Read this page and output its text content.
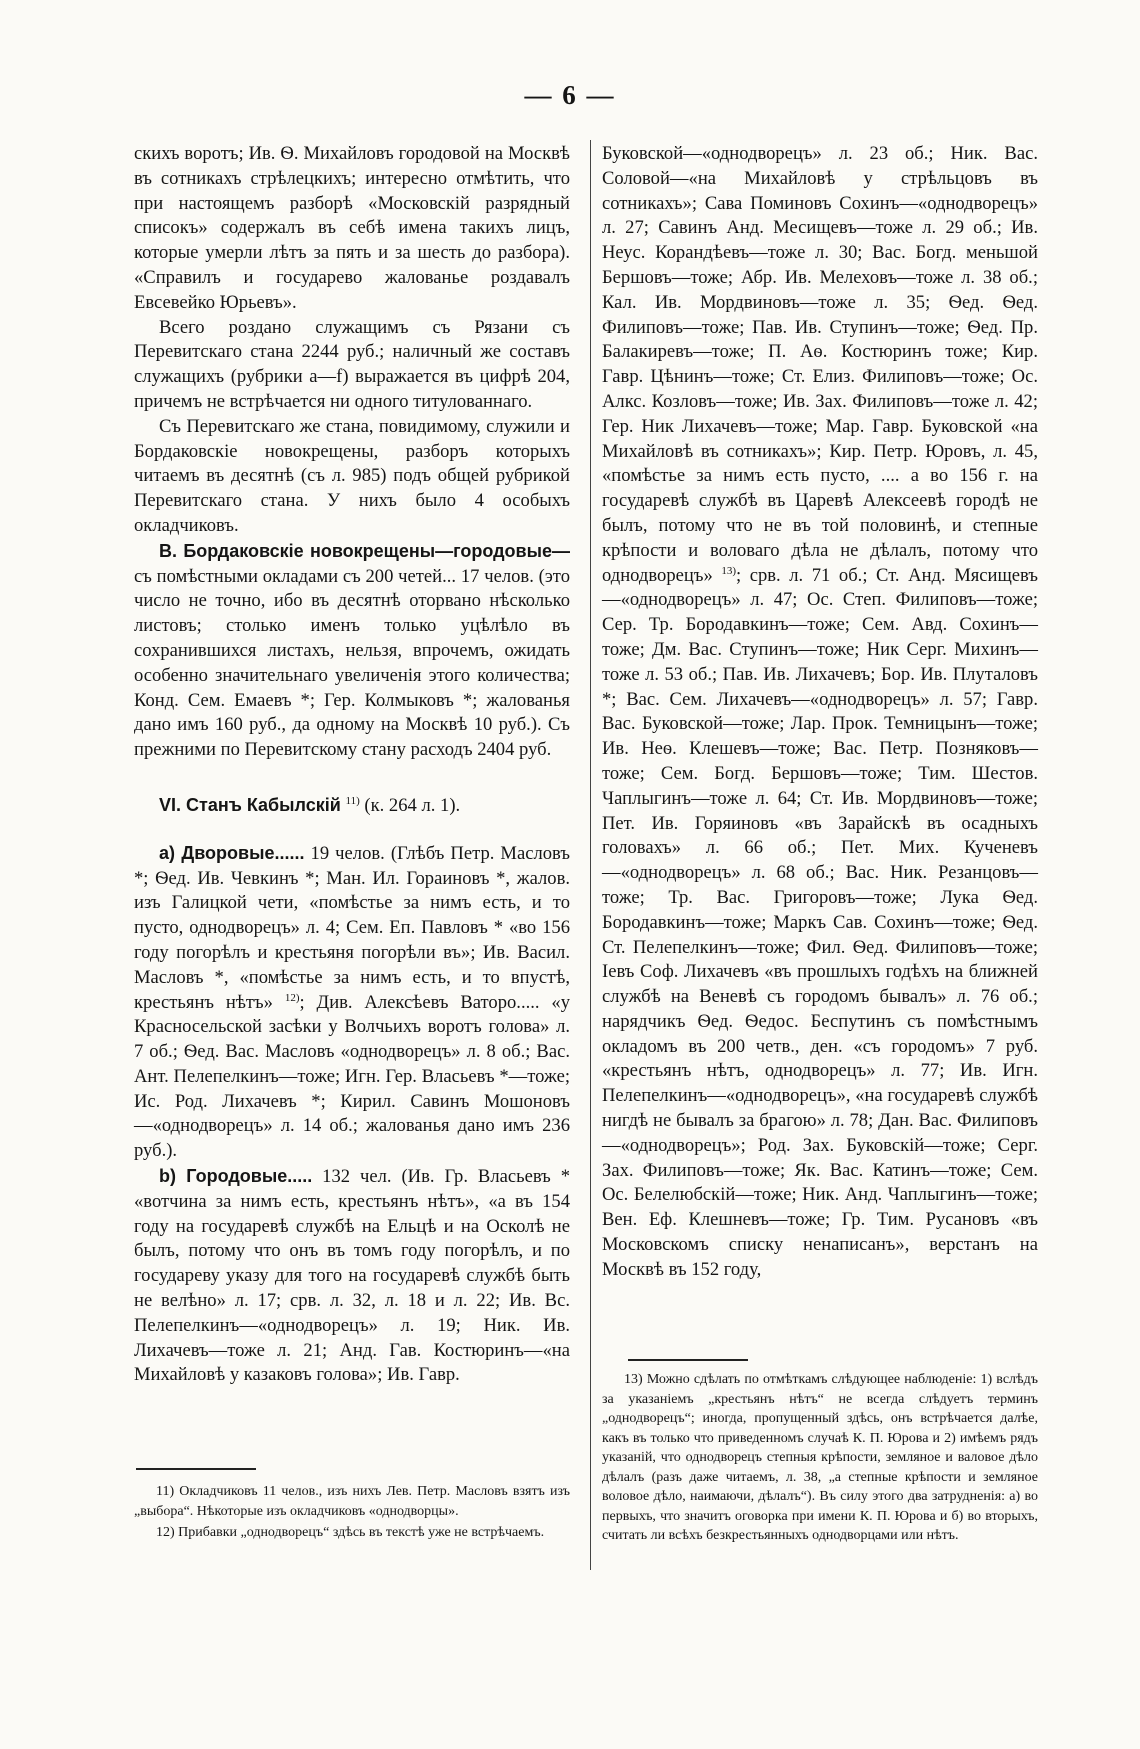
— 6 —

скихъ воротъ; Ив. Ѳ. Михайловъ городовой на Москвѣ въ сотникахъ стрѣлецкихъ; интересно отмѣтить, что при настоящемъ разборѣ «Московскій разрядный списокъ» содержалъ въ себѣ имена такихъ лицъ, которые умерли лѣтъ за пять и за шесть до разбора). «Справилъ и государево жалованье роздавалъ Евсевейко Юрьевъ».

Всего роздано служащимъ съ Рязани съ Перевитскаго стана 2244 руб.; наличный же составъ служащихъ (рубрики а—f) выражается въ цифрѣ 204, причемъ не встрѣчается ни одного титулованнаго.

Съ Перевитскаго же стана, повидимому, служили и Бордаковскіе новокрещены, разборъ которыхъ читаемъ въ десятнѣ (съ л. 985) подъ общей рубрикой Перевитскаго стана. У нихъ было 4 особыхъ окладчиковъ.

B. Бордаковскіе новокрещены—городовые— съ помѣстными окладами съ 200 четей... 17 челов. (это число не точно, ибо въ десятнѣ оторвано нѣсколько листовъ; столько именъ только уцѣлѣло въ сохранившихся листахъ, нельзя, впрочемъ, ожидать особенно значительнаго увеличенія этого количества; Конд. Сем. Емаевъ *; Гер. Колмыковъ *; жалованья дано имъ 160 руб., да одному на Москвѣ 10 руб.). Съ прежними по Перевитскому стану расходъ 2404 руб.

VI. Станъ Кабылскій $^{11)}$ (к. 264 л. 1).

а) Дворовые...... 19 челов. (Глѣбъ Петр. Масловъ *; Ѳед. Ив. Чевкинъ *; Ман. Ил. Гораиновъ *, жалов. изъ Галицкой чети, «помѣстье за нимъ есть, и то пусто, однодворецъ» л. 4; Сем. Еп. Павловъ * «во 156 году погорѣлъ и крестьяня погорѣли въ»; Ив. Васил. Масловъ *, «помѣстье за нимъ есть, и то впустѣ, крестьянъ нѣтъ» $^{12)}$; Див. Алексѣевъ Ваторо..... «у Красносельской засѣки у Волчьихъ воротъ голова» л. 7 об.; Ѳед. Вас. Масловъ «однодворецъ» л. 8 об.; Вас. Ант. Пелепелкинъ—тоже; Игн. Гер. Власьевъ *—тоже; Ис. Род. Лихачевъ *; Кирил. Савинъ Мошоновъ—«однодворецъ» л. 14 об.; жалованья дано имъ 236 руб.).

b) Городовые..... 132 чел. (Ив. Гр. Власьевъ * «вотчина за нимъ есть, крестьянъ нѣтъ», «а въ 154 году на государевѣ службѣ на Ельцѣ и на Осколѣ не былъ, потому что онъ въ томъ году погорѣлъ, и по государеву указу для того на государевѣ службѣ быть не велѣно» л. 17; срв. л. 32, л. 18 и л. 22; Ив. Вс. Пелепелкинъ—«однодворецъ» л. 19; Ник. Ив. Лихачевъ—тоже л. 21; Анд. Гав. Костюринъ—«на Михайловѣ у казаковъ голова»; Ив. Гавр.

Буковской—«однодворецъ» л. 23 об.; Ник. Вас. Соловой—«на Михайловѣ у стрѣльцовъ въ сотникахъ»; Сава Поминовъ Сохинъ—«однодворецъ» л. 27; Савинъ Анд. Месищевъ—тоже л. 29 об.; Ив. Неус. Корандѣевъ—тоже л. 30; Вас. Богд. меньшой Бершовъ—тоже; Абр. Ив. Мелеховъ—тоже л. 38 об.; Кал. Ив. Мордвиновъ—тоже л. 35; Ѳед. Ѳед. Филиповъ—тоже; Пав. Ив. Ступинъ—тоже; Ѳед. Пр. Балакиревъ—тоже; П. Аѳ. Костюринъ тоже; Кир. Гавр. Цѣнинъ—тоже; Ст. Елиз. Филиповъ—тоже; Ос. Алкс. Козловъ—тоже; Ив. Зах. Филиповъ—тоже л. 42; Гер. Ник Лихачевъ—тоже; Мар. Гавр. Буковской «на Михайловѣ въ сотникахъ»; Кир. Петр. Юровъ, л. 45, «помѣстье за нимъ есть пусто, .... а во 156 г. на государевѣ службѣ въ Царевѣ Алексеевѣ городѣ не былъ, потому что не въ той половинѣ, и степные крѣпости и воловаго дѣла не дѣлалъ, потому что однодворецъ» $^{13)}$; срв. л. 71 об.; Ст. Анд. Мясищевъ—«однодворецъ» л. 47; Ос. Степ. Филиповъ—тоже; Сер. Тр. Бородавкинъ—тоже; Сем. Авд. Сохинъ—тоже; Дм. Вас. Ступинъ—тоже; Ник Серг. Михинъ—тоже л. 53 об.; Пав. Ив. Лихачевъ; Бор. Ив. Плуталовъ *; Вас. Сем. Лихачевъ—«однодворецъ» л. 57; Гавр. Вас. Буковской—тоже; Лар. Прок. Темницынъ—тоже; Ив. Неѳ. Клешевъ—тоже; Вас. Петр. Позняковъ—тоже; Сем. Богд. Бершовъ—тоже; Тим. Шестов. Чаплыгинъ—тоже л. 64; Ст. Ив. Мордвиновъ—тоже; Пет. Ив. Горяиновъ «въ Зарайскѣ въ осадныхъ головахъ» л. 66 об.; Пет. Мих. Кученевъ—«однодворецъ» л. 68 об.; Вас. Ник. Резанцовъ—тоже; Тр. Вас. Григоровъ—тоже; Лука Ѳед. Бородавкинъ—тоже; Маркъ Сав. Сохинъ—тоже; Ѳед. Ст. Пелепелкинъ—тоже; Фил. Ѳед. Филиповъ—тоже; Іевъ Соф. Лихачевъ «въ прошлыхъ годѣхъ на ближней службѣ на Веневѣ съ городомъ бывалъ» л. 76 об.; нарядчикъ Ѳед. Ѳедос. Беспутинъ съ помѣстнымъ окладомъ въ 200 четв., ден. «съ городомъ» 7 руб. «крестьянъ нѣтъ, однодворецъ» л. 77; Ив. Игн. Пелепелкинъ—«однодворецъ», «на государевѣ службѣ нигдѣ не бывалъ за брагою» л. 78; Дан. Вас. Филиповъ—«однодворецъ»; Род. Зах. Буковскій—тоже; Серг. Зах. Филиповъ—тоже; Як. Вас. Катинъ—тоже; Сем. Ос. Белелюбскій—тоже; Ник. Анд. Чаплыгинъ—тоже; Вен. Еф. Клешневъ—тоже; Гр. Тим. Русановъ «въ Московскомъ списку ненаписанъ», верстанъ на Москвѣ въ 152 году,

11) Окладчиковъ 11 челов., изъ нихъ Лев. Петр. Масловъ взятъ изъ „выбора“. Нѣкоторые изъ окладчиковъ «однодворцы».

12) Прибавки „однодворецъ“ здѣсь въ текстѣ уже не встрѣчаемъ.

13) Можно сдѣлать по отмѣткамъ слѣдующее наблюденіе: 1) вслѣдъ за указаніемъ „крестьянъ нѣтъ“ не всегда слѣдуетъ терминъ „однодворецъ“; иногда, пропущенный здѣсь, онъ встрѣчается далѣе, какъ въ только что приведенномъ случаѣ К. П. Юрова и 2) имѣемъ рядъ указаній, что однодворецъ степныя крѣпости, земляное и валовое дѣло дѣлалъ (разъ даже читаемъ, л. 38, „а степные крѣпости и земляное воловое дѣло, наимаючи, дѣлалъ“). Въ силу этого два затрудненія: а) во первыхъ, что значитъ оговорка при имени К. П. Юрова и б) во вторыхъ, считать ли всѣхъ безкрестьянныхъ однодворцами или нѣтъ.
